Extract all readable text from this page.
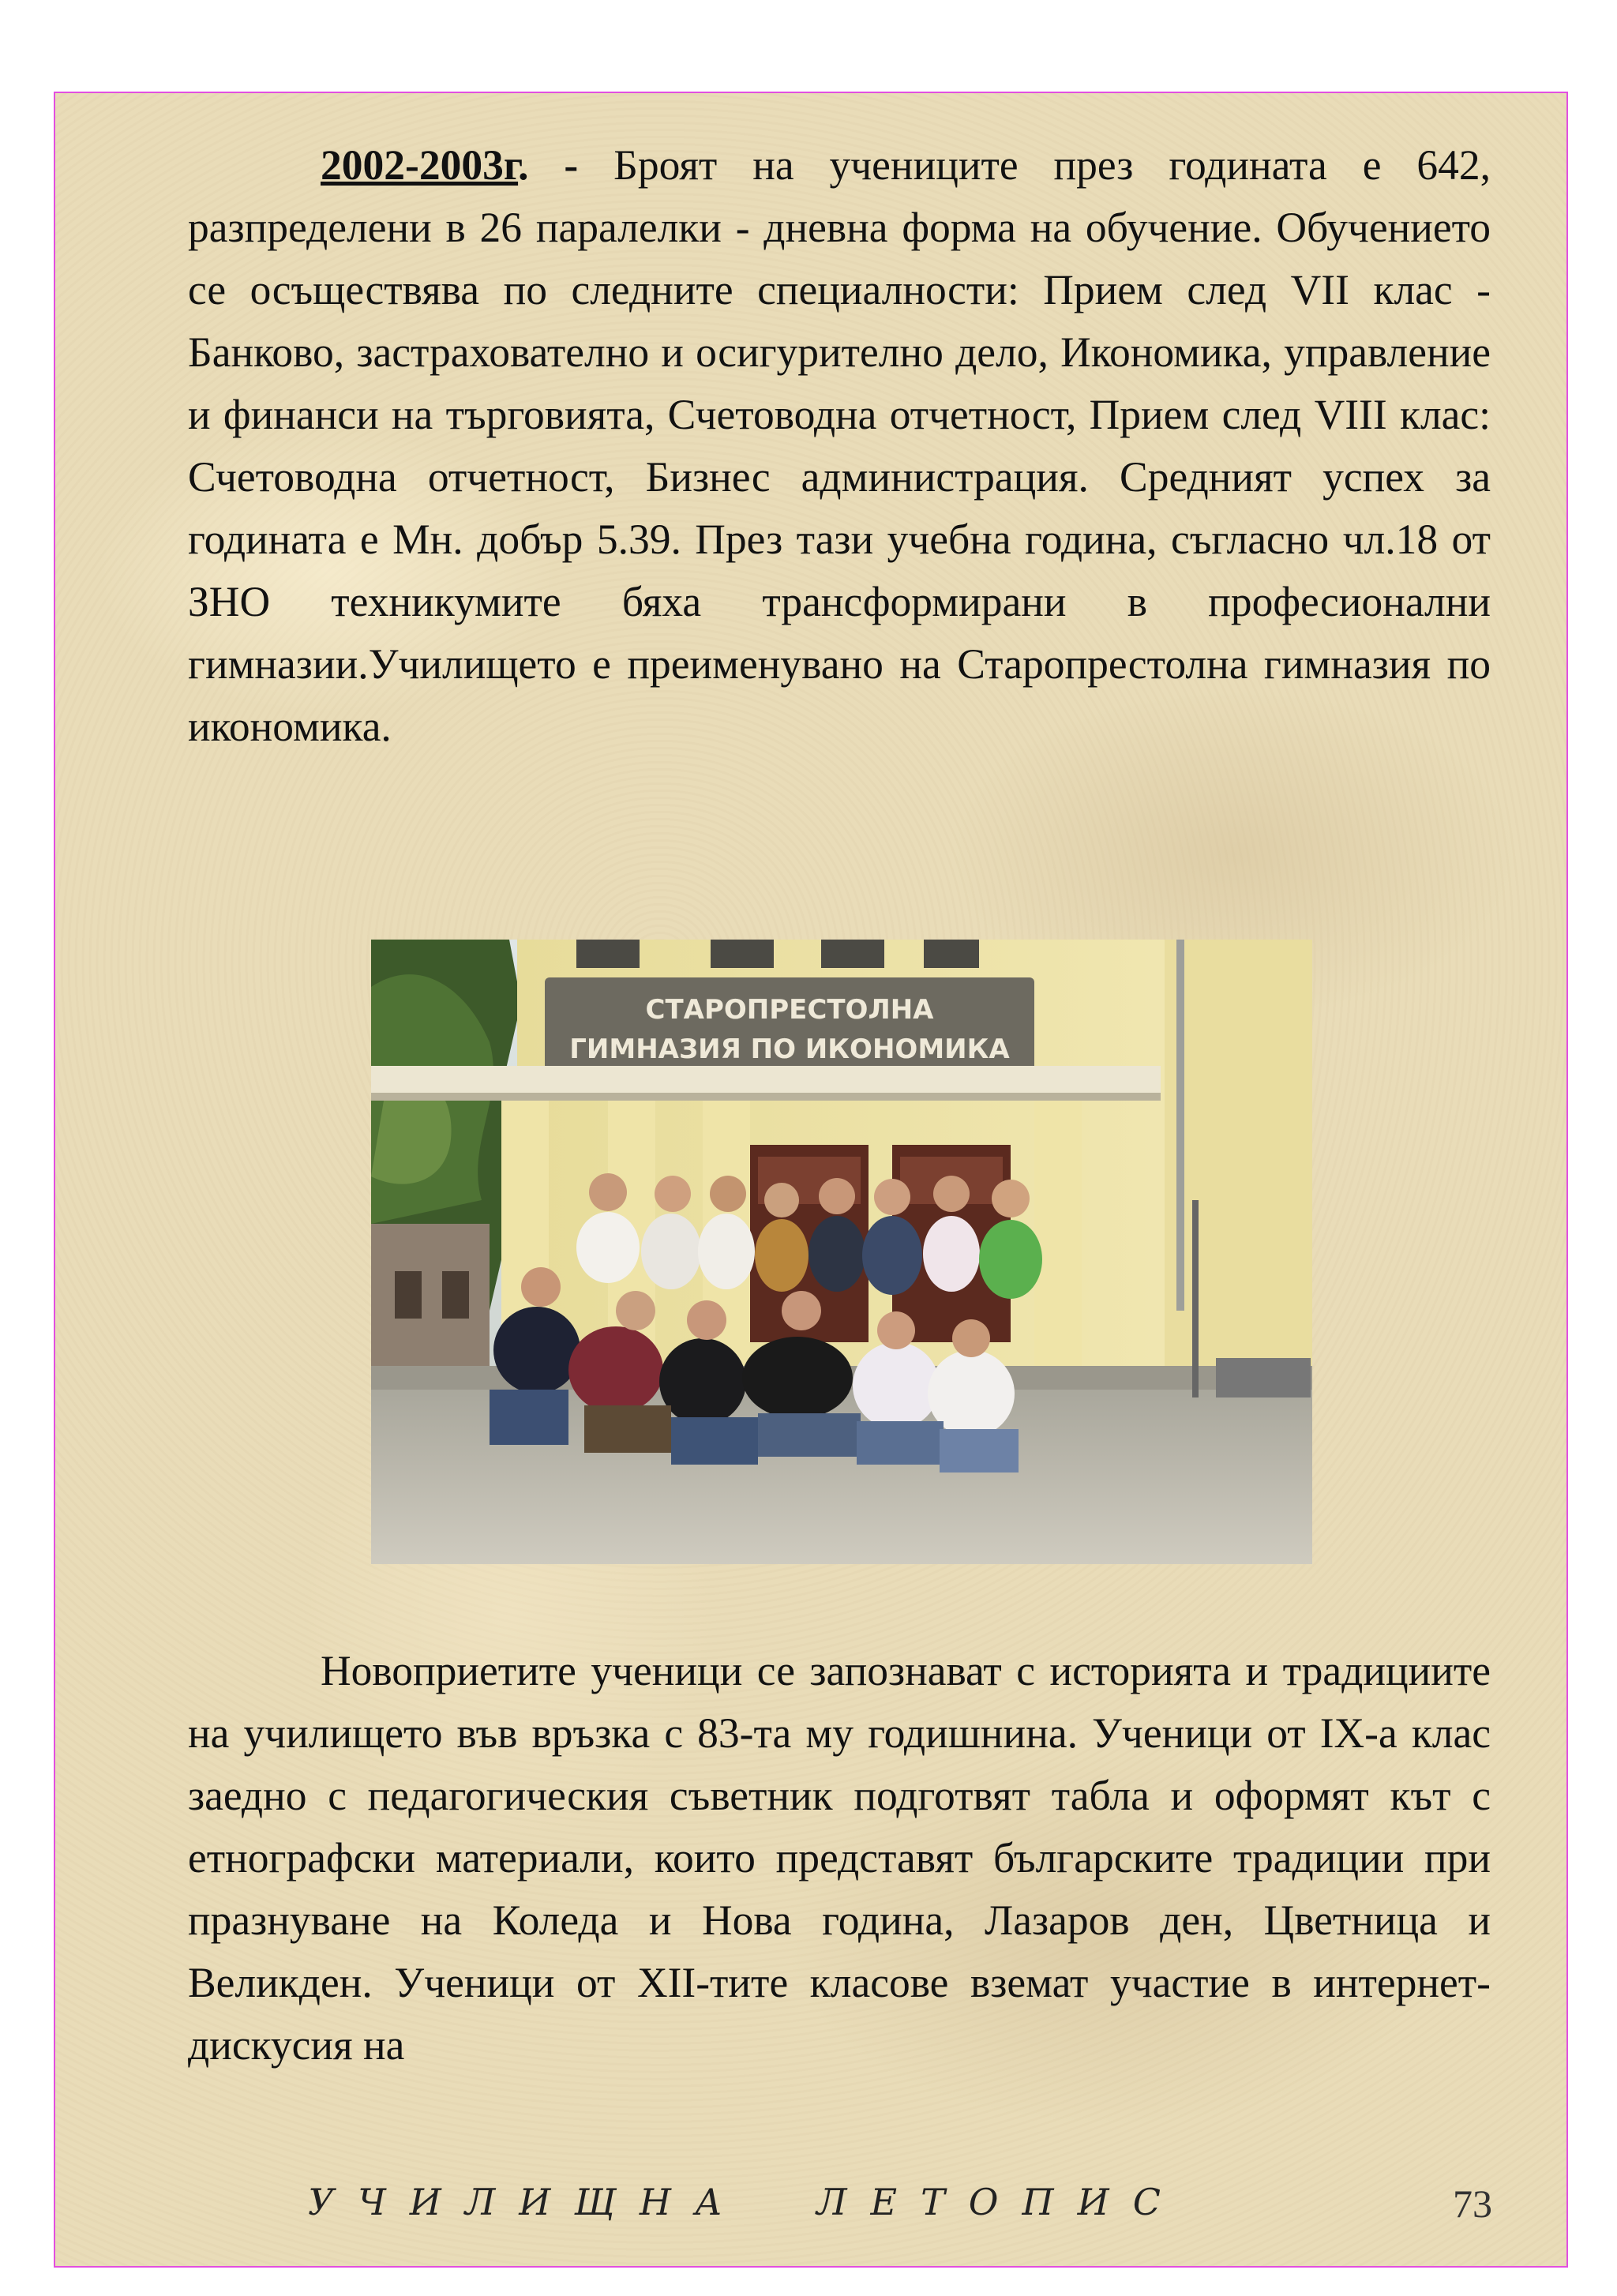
2002-2003г. - Броят на учениците през годината е 642, разпределени в 26 паралелки - дневна форма на обучение. Обучението се осъществява по следните специалности: Прием след VII клас - Банково, застрахователно и осигурително дело, Икономика, управление и финанси на търговията, Счетоводна отчетност, Прием след VIII клас: Счетоводна отчетност, Бизнес администрация. Средният успех за годината е Мн. добър 5.39. През тази учебна година, съгласно чл.18 от ЗНО техникумите бяха трансформирани в професионални гимназии.Училището е преименувано на Старопрестолна гимназия по икономика.

СТАРОПРЕСТОЛНА
ГИМНАЗИЯ ПО ИКОНОМИКА

Новоприетите ученици се запознават с историята и традициите на училището във връзка с 83-та му годишнина. Ученици от IX-а клас заедно с педагогическия съветник подготвят табла и оформят кът с етнографски материали, които представят българските традиции при празнуване на Коледа и Нова година, Лазаров ден, Цветница и Великден. Ученици от XII-тите класове вземат участие в интернет-дискусия на

УЧИЛИЩНА  ЛЕТОПИС	73
